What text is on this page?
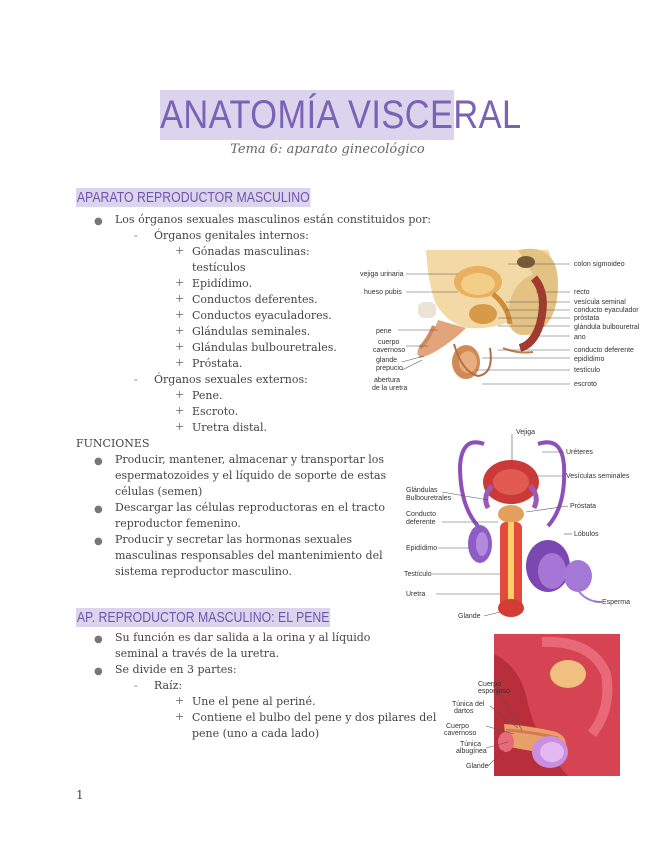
ANATOMÍA VISCERAL
Tema 6: aparato ginecológico
APARATO REPRODUCTOR MASCULINO
● Los órganos sexuales masculinos están constituidos por:
- Órganos genitales internos:
+ Gónadas masculinas:
testículos
+ Epidídimo.
+ Conductos deferentes.
+ Conductos eyaculadores.
+ Glándulas seminales.
+ Glándulas bulbouretrales.
+ Próstata.
- Órganos sexuales externos:
+ Pene.
+ Escroto.
+ Uretra distal.
FUNCIONES
● Producir, mantener, almacenar y transportar los
espermatozoides y el líquido de soporte de estas
células (semen)
● Descargar las células reproductoras en el tracto
reproductor femenino.
● Producir y secretar las hormonas sexuales
masculinas responsables del mantenimiento del
sistema reproductor masculino.
AP. REPRODUCTOR MASCULINO: EL PENE
● Su función es dar salida a la orina y al líquido
seminal a través de la uretra.
● Se divide en 3 partes:
- Raíz:
+ Une el pene al periné.
+ Contiene el bulbo del pene y dos pilares del
pene (uno a cada lado)
vejiga urinaria
hueso pubis
pene
cuerpo
cavernoso
glande
prepucio
abertura
de la uretra
colon sigmoideo
recto
vesícula seminal
conducto eyaculador
próstata
glándula bulbouretral
ano
conducto deferente
epidídimo
testículo
escroto
Vejiga
Uréteres
Vesículas seminales
Glándulas
Bulbouretrales
Próstata
Conducto
deferente
Lóbulos
Epidídimo
Testículo
Uretra
Glande
Esperma
Cuerpo
esponjoso
Túnica del
dartos
Cuerpo
cavernoso
Túnica
albugínea
Glande
1
